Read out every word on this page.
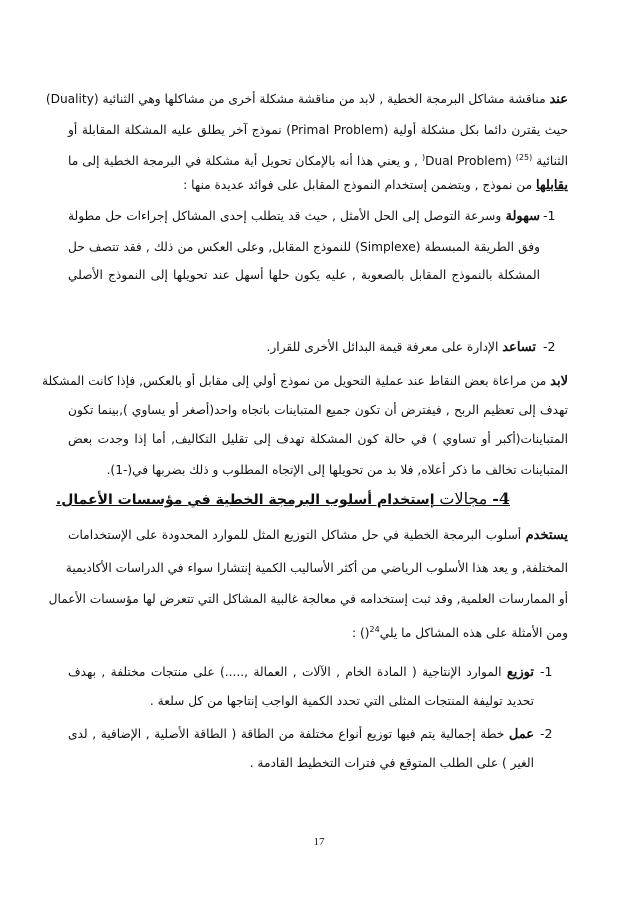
عند مناقشة مشاكل البرمجة الخطية , لابد من مناقشة مشكلة أخرى من مشاكلها وهي الثنائية (Duality)
حيث يقترن دائما بكل مشكلة أولية (Primal Problem) نموذج آخر يطلق عليه المشكلة المقابلة أو
الثنائية $^{(25)}$ (Dual Problem( , و يعني هذا أنه بالإمكان تحويل أية مشكلة في البرمجة الخطية إلى ما
يقابلها من نموذج , ويتضمن إستخدام النموذج المقابل على فوائد عديدة منها :
-1
سهولة وسرعة التوصل إلى الحل الأمثل , حيث قد يتطلب إحدى المشاكل إجراءات حل مطولة
وفق الطريقة المبسطة (Simplexe) للنموذج المقابل, وعلى العكس من ذلك , فقد تتصف حل
المشكلة بالنموذج المقابل بالصعوبة , عليه يكون حلها أسهل عند تحويلها إلى النموذج الأصلي
-2
تساعد الإدارة على معرفة قيمة البدائل الأخرى للقرار.
لابد من مراعاة بعض النقاط عند عملية التحويل من نموذج أولي إلى مقابل أو بالعكس, فإذا كانت المشكلة
تهدف إلى تعظيم الربح , فيفترض أن تكون جميع المتباينات باتجاه واحد(أصغر أو يساوي ),بينما تكون
المتباينات(أكبر أو تساوي ) في حالة كون المشكلة تهدف إلى تقليل التكاليف, أما إذا وجدت بعض
المتباينات تخالف ما ذكر أعلاه, فلا بد من تحويلها إلى الإتجاه المطلوب و ذلك بضربها في(-1).
4- مجالات إستخدام أسلوب البرمجة الخطية في مؤسسات الأعمال.
يستخدم أسلوب البرمجة الخطية في حل مشاكل التوزيع المثل للموارد المحدودة على الإستخدامات
المختلفة, و يعد هذا الأسلوب الرياضي من أكثر الأساليب الكمية إنتشارا سواء في الدراسات الأكاديمية
أو الممارسات العلمية, وقد ثبت إستخدامه في معالجة غالبية المشاكل التي تتعرض لها مؤسسات الأعمال
ومن الأمثلة على هذه المشاكل ما يلي$^{24}$() :
-1
توزيع الموارد الإنتاجية ( المادة الخام , الآلات , العمالة ,.....) على منتجات مختلفة , بهدف
تحديد توليفة المنتجات المثلى التي تحدد الكمية الواجب إنتاجها من كل سلعة .
-2
عمل خطة إجمالية يتم فيها توزيع أنواع مختلفة من الطاقة ( الطاقة الأصلية , الإضافية , لدى
الغير ) على الطلب المتوقع في فترات التخطيط القادمة .
17
